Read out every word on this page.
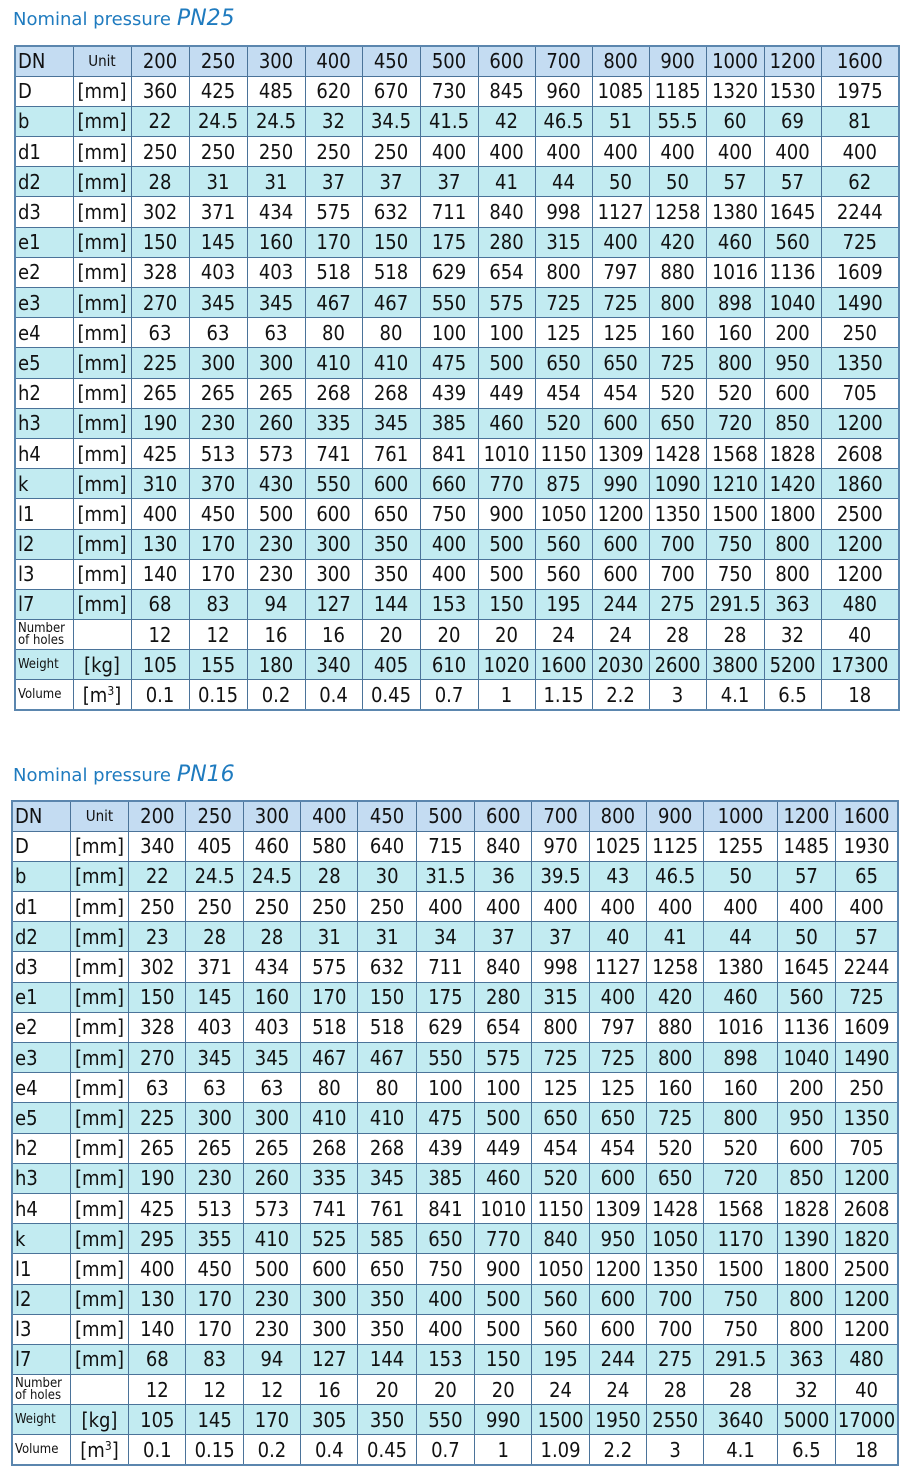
Nominal pressure PN25
DN	Unit	200	250	300	400	450	500	600	700	800	900	1000	1200	1600
D	[mm]	360	425	485	620	670	730	845	960	1085	1185	1320	1530	1975
b	[mm]	22	24.5	24.5	32	34.5	41.5	42	46.5	51	55.5	60	69	81
d1	[mm]	250	250	250	250	250	400	400	400	400	400	400	400	400
d2	[mm]	28	31	31	37	37	37	41	44	50	50	57	57	62
d3	[mm]	302	371	434	575	632	711	840	998	1127	1258	1380	1645	2244
e1	[mm]	150	145	160	170	150	175	280	315	400	420	460	560	725
e2	[mm]	328	403	403	518	518	629	654	800	797	880	1016	1136	1609
e3	[mm]	270	345	345	467	467	550	575	725	725	800	898	1040	1490
e4	[mm]	63	63	63	80	80	100	100	125	125	160	160	200	250
e5	[mm]	225	300	300	410	410	475	500	650	650	725	800	950	1350
h2	[mm]	265	265	265	268	268	439	449	454	454	520	520	600	705
h3	[mm]	190	230	260	335	345	385	460	520	600	650	720	850	1200
h4	[mm]	425	513	573	741	761	841	1010	1150	1309	1428	1568	1828	2608
k	[mm]	310	370	430	550	600	660	770	875	990	1090	1210	1420	1860
l1	[mm]	400	450	500	600	650	750	900	1050	1200	1350	1500	1800	2500
l2	[mm]	130	170	230	300	350	400	500	560	600	700	750	800	1200
l3	[mm]	140	170	230	300	350	400	500	560	600	700	750	800	1200
l7	[mm]	68	83	94	127	144	153	150	195	244	275	291.5	363	480
Number of holes		12	12	16	16	20	20	20	24	24	28	28	32	40
Weight	[kg]	105	155	180	340	405	610	1020	1600	2030	2600	3800	5200	17300
Volume	$[m^3]$	0.1	0.15	0.2	0.4	0.45	0.7	1	1.15	2.2	3	4.1	6.5	18
Nominal pressure PN16
DN	Unit	200	250	300	400	450	500	600	700	800	900	1000	1200	1600
D	[mm]	340	405	460	580	640	715	840	970	1025	1125	1255	1485	1930
b	[mm]	22	24.5	24.5	28	30	31.5	36	39.5	43	46.5	50	57	65
d1	[mm]	250	250	250	250	250	400	400	400	400	400	400	400	400
d2	[mm]	23	28	28	31	31	34	37	37	40	41	44	50	57
d3	[mm]	302	371	434	575	632	711	840	998	1127	1258	1380	1645	2244
e1	[mm]	150	145	160	170	150	175	280	315	400	420	460	560	725
e2	[mm]	328	403	403	518	518	629	654	800	797	880	1016	1136	1609
e3	[mm]	270	345	345	467	467	550	575	725	725	800	898	1040	1490
e4	[mm]	63	63	63	80	80	100	100	125	125	160	160	200	250
e5	[mm]	225	300	300	410	410	475	500	650	650	725	800	950	1350
h2	[mm]	265	265	265	268	268	439	449	454	454	520	520	600	705
h3	[mm]	190	230	260	335	345	385	460	520	600	650	720	850	1200
h4	[mm]	425	513	573	741	761	841	1010	1150	1309	1428	1568	1828	2608
k	[mm]	295	355	410	525	585	650	770	840	950	1050	1170	1390	1820
l1	[mm]	400	450	500	600	650	750	900	1050	1200	1350	1500	1800	2500
l2	[mm]	130	170	230	300	350	400	500	560	600	700	750	800	1200
l3	[mm]	140	170	230	300	350	400	500	560	600	700	750	800	1200
l7	[mm]	68	83	94	127	144	153	150	195	244	275	291.5	363	480
Number of holes		12	12	12	16	20	20	20	24	24	28	28	32	40
Weight	[kg]	105	145	170	305	350	550	990	1500	1950	2550	3640	5000	17000
Volume	$[m^3]$	0.1	0.15	0.2	0.4	0.45	0.7	1	1.09	2.2	3	4.1	6.5	18
